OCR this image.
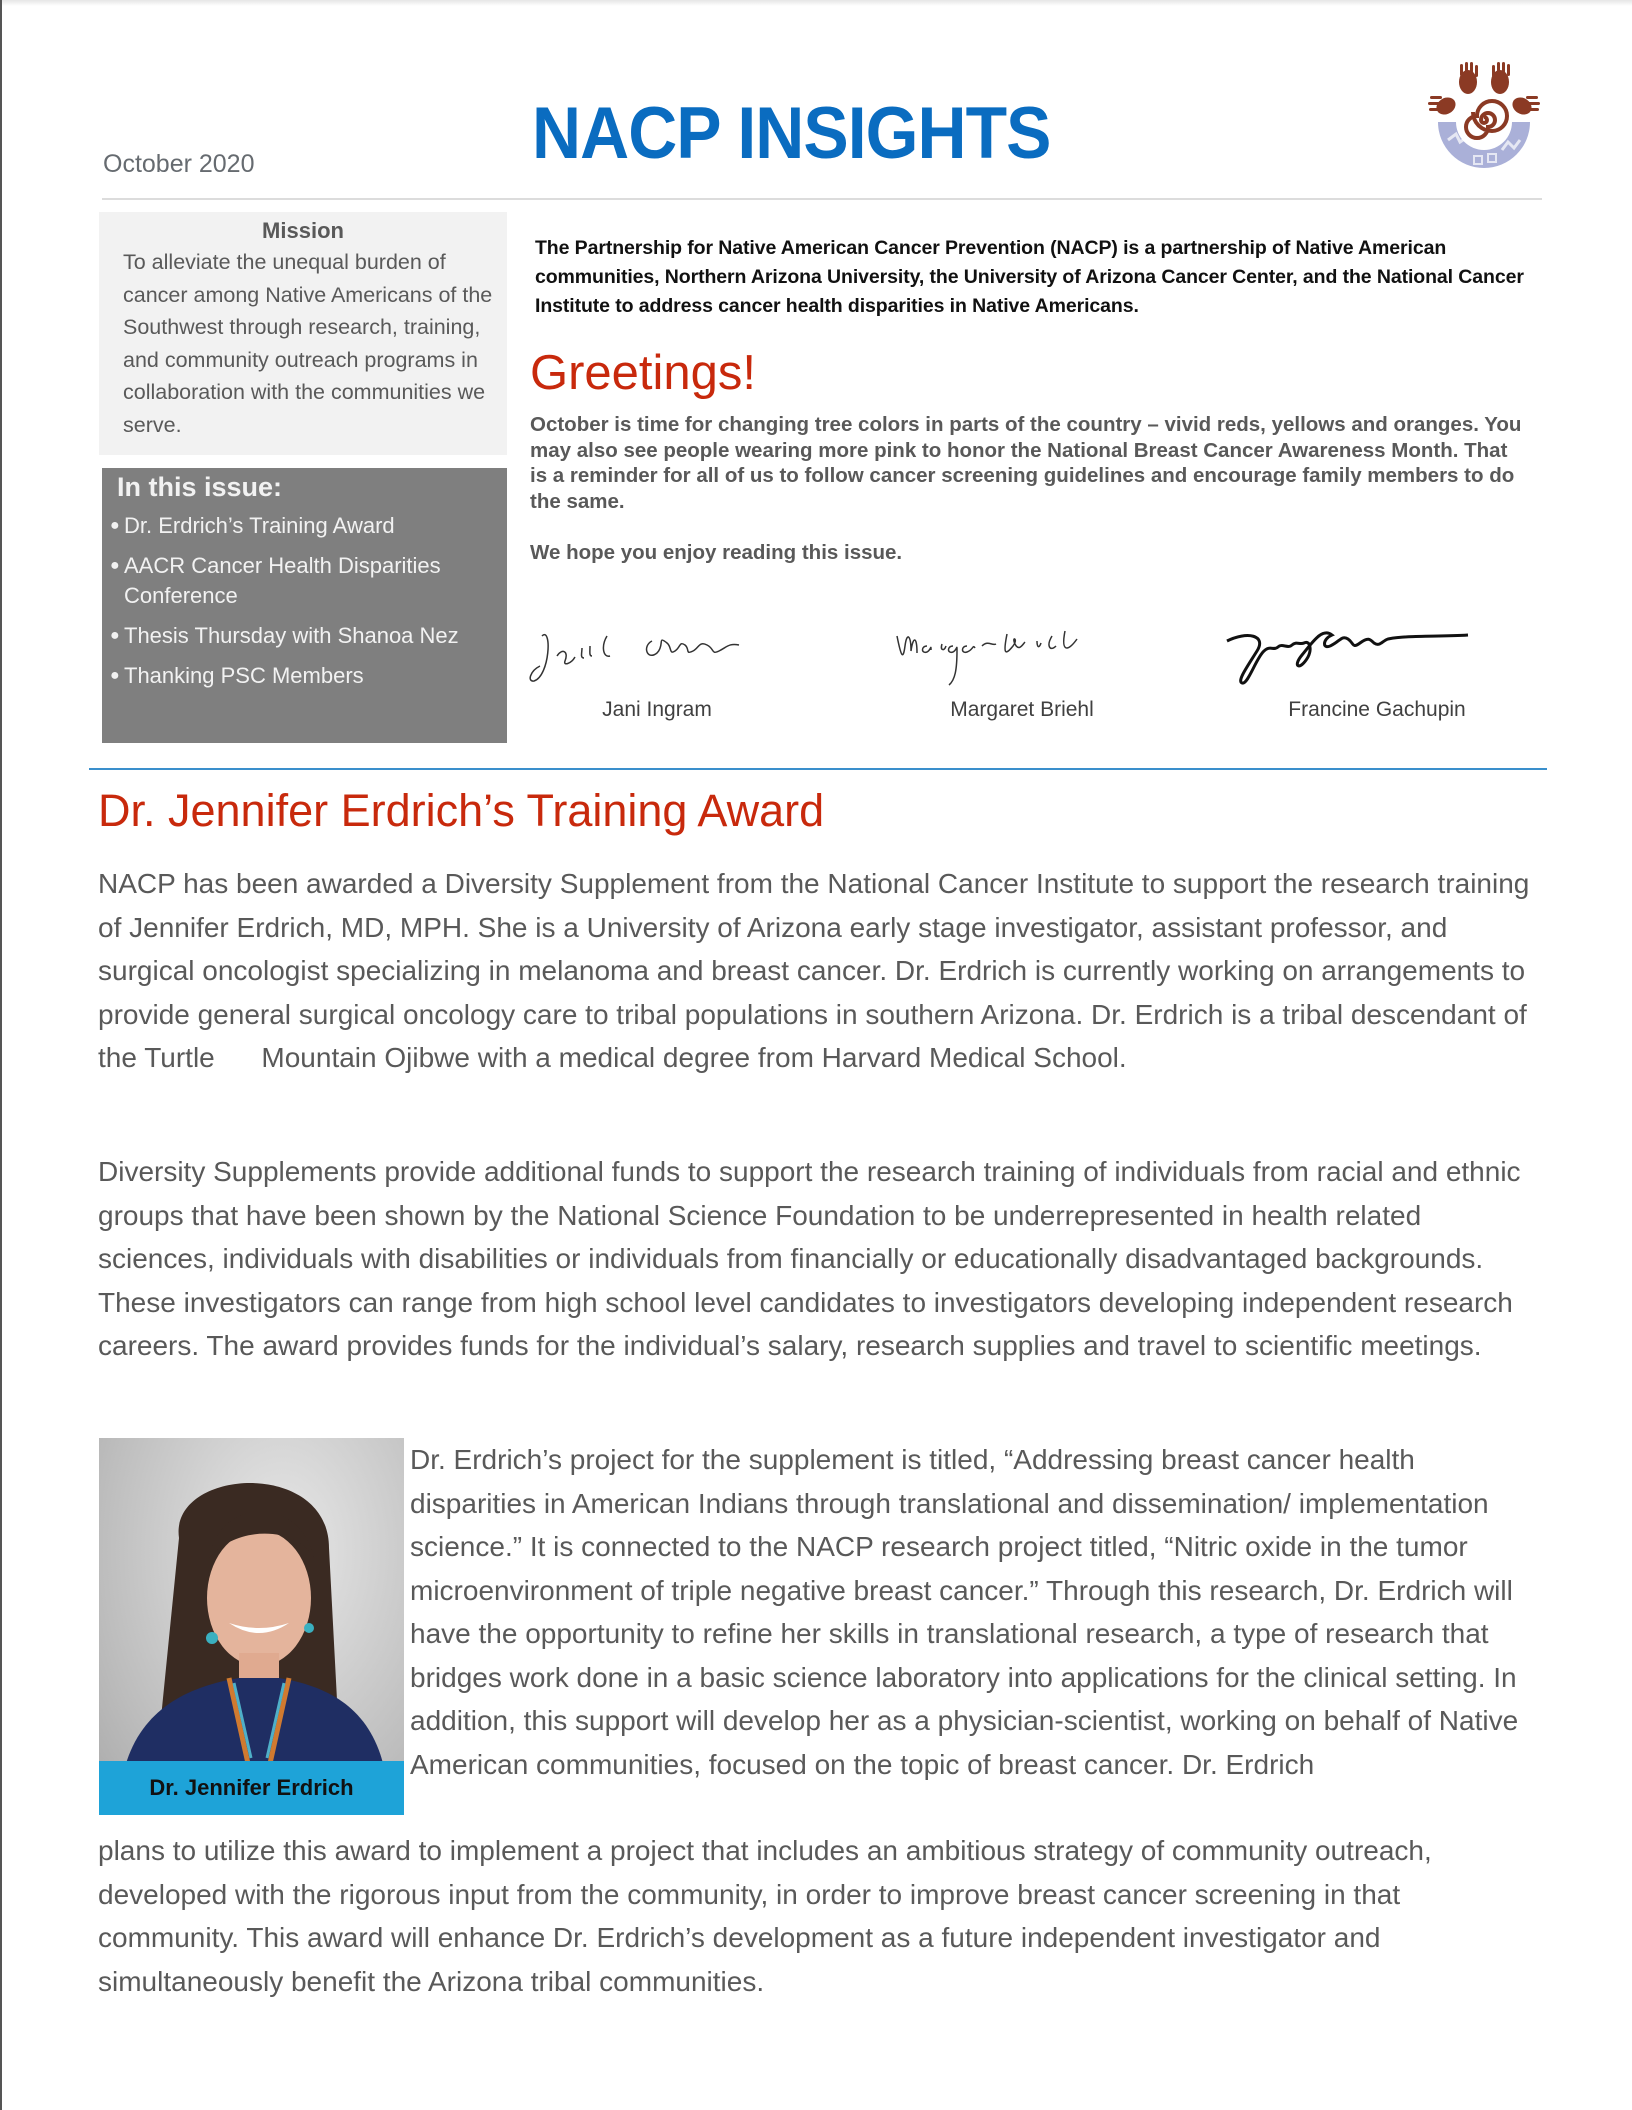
October 2020	NACP INSIGHTS
Mission

To alleviate the unequal burden of cancer among Native Americans of the Southwest through research, training, and community outreach programs in collaboration with the communities we serve.

In this issue:
● Dr. Erdrich’s Training Award
● AACR Cancer Health Disparities Conference
● Thesis Thursday with Shanoa Nez
● Thanking PSC Members
The Partnership for Native American Cancer Prevention (NACP) is a partnership of Native American communities, Northern Arizona University, the University of Arizona Cancer Center, and the National Cancer Institute to address cancer health disparities in Native Americans.
Greetings!

October is time for changing tree colors in parts of the country – vivid reds, yellows and oranges. You may also see people wearing more pink to honor the National Breast Cancer Awareness Month. That is a reminder for all of us to follow cancer screening guidelines and encourage family members to do the same.

We hope you enjoy reading this issue.

Jani Ingram	Margaret Briehl	Francine Gachupin
Dr. Jennifer Erdrich’s Training Award

NACP has been awarded a Diversity Supplement from the National Cancer Institute to support the research training of Jennifer Erdrich, MD, MPH. She is a University of Arizona early stage investigator, assistant professor, and surgical oncologist specializing in melanoma and breast cancer. Dr. Erdrich is currently working on arrangements to provide general surgical oncology care to tribal populations in southern Arizona. Dr. Erdrich is a tribal descendant of the Turtle      Mountain Ojibwe with a medical degree from Harvard Medical School.

Diversity Supplements provide additional funds to support the research training of individuals from racial and ethnic groups that have been shown by the National Science Foundation to be underrepresented in health related sciences, individuals with disabilities or individuals from financially or educationally disadvantaged backgrounds. These investigators can range from high school level candidates to investigators developing independent research careers. The award provides funds for the individual’s salary, research supplies and travel to scientific meetings.

Dr. Jennifer Erdrich

Dr. Erdrich’s project for the supplement is titled, “Addressing breast cancer health disparities in American Indians through translational and dissemination/ implementation science.” It is connected to the NACP research project titled, “Nitric oxide in the tumor microenvironment of triple negative breast cancer.” Through this research, Dr. Erdrich will have the opportunity to refine her skills in translational research, a type of research that bridges work done in a basic science laboratory into applications for the clinical setting. In addition, this support will develop her as a physician-scientist, working on behalf of Native American communities, focused on the topic of breast cancer. Dr. Erdrich

plans to utilize this award to implement a project that includes an ambitious strategy of community outreach, developed with the rigorous input from the community, in order to improve breast cancer screening in that community. This award will enhance Dr. Erdrich’s development as a future independent investigator and simultaneously benefit the Arizona tribal communities.
